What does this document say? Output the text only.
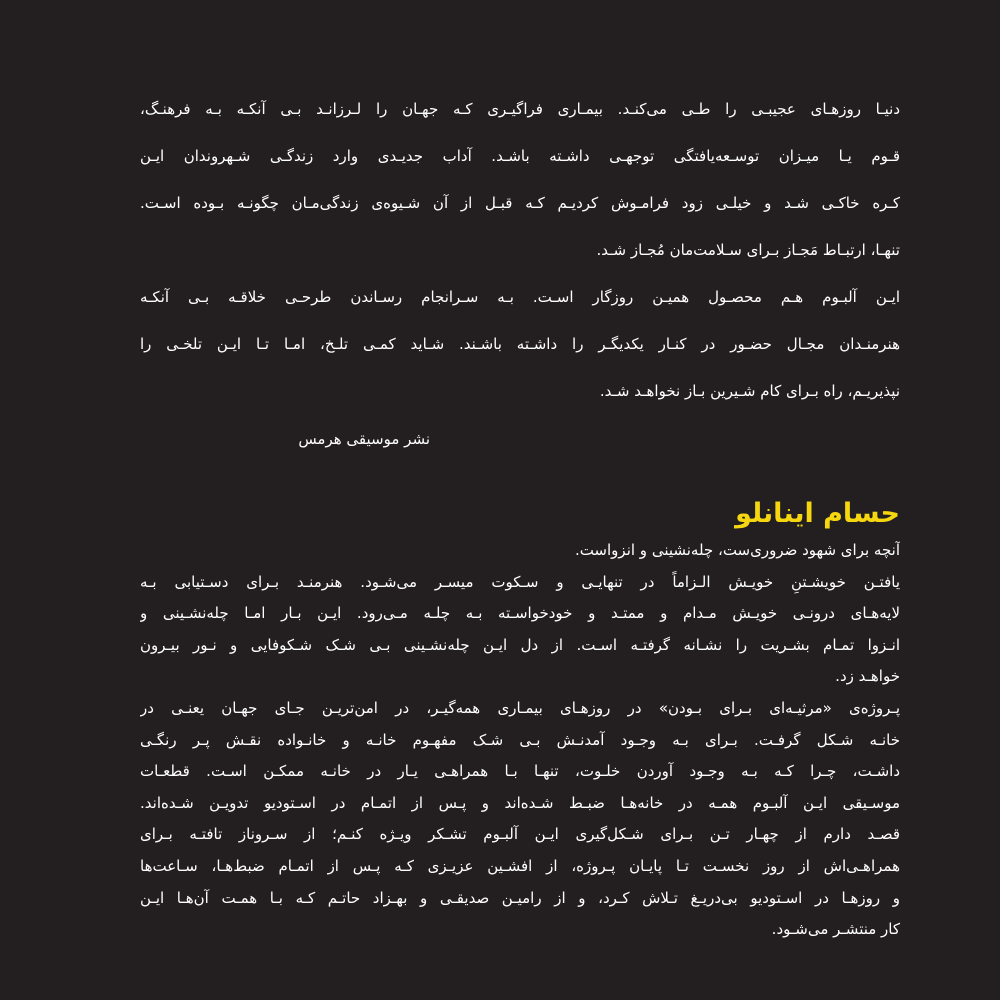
دنیـا روزهـای عجیبـی را طـی می‌کنـد. بیمـاری فراگیـری کـه جهـان را لـرزانـد بـی آنکـه بـه فرهنـگ،
قـوم یـا میـزان توسـعه‌یافتگی توجهـی داشـته باشـد. آداب جدیـدی وارد زندگـی شـهروندان ایـن
کـره خاکـی شـد و خیلـی زود فرامـوش کردیـم کـه قبـل از آن شـیوه‌ی زندگی‌مـان چگونـه بـوده اسـت.
تنهـا، ارتبـاط مَجـاز بـرای سـلامت‌مان مُجـاز شـد.
ایـن آلبـوم هـم محصـول همیـن روزگار اسـت. بـه سـرانجام رسـاندن طرحـی خلاقـه بـی آنکـه
هنرمنـدان مجـال حضـور در کنـار یکدیگـر را داشـته باشـند. شـاید کمـی تلـخ، امـا تـا ایـن تلخـی را
نپذیریـم، راه بـرای کام شـیرین بـاز نخواهـد شـد.
نشر موسیقی هرمس
حسام اینانلو
آنچه برای شهود ضروری‌ست، چله‌نشینی و انزواست.
یافتـن خویشـتنِ خویـش الـزاماً در تنهایـی و سـکوت میسـر می‌شـود. هنرمنـد بـرای دسـتیابی بـه
لایه‌هـای درونـی خویـش مـدام و ممتـد و خودخواسـته بـه چلـه مـی‌رود. ایـن بـار امـا چله‌نشـینی و
انـزوا تمـام بشـریت را نشـانه گرفتـه اسـت. از دل ایـن چله‌نشـینی بـی شـک شـکوفایی و نـور بیـرون
خواهـد زد.
پـروژه‌ی «مرثیـه‌ای بـرای بـودن» در روزهـای بیمـاری همه‌گیـر، در امن‌تریـن جـای جهـان یعنـی در
خانـه شـکل گرفـت. بـرای بـه وجـود آمدنـش بـی شـک مفهـوم خانـه و خانـواده نقـش پـر رنگـی
داشـت، چـرا کـه بـه وجـود آوردن خلـوت، تنهـا بـا همراهـی یـار در خانـه ممکـن اسـت. قطعـات
موسـیقی ایـن آلبـوم همـه در خانه‌هـا ضبـط شـده‌اند و پـس از اتمـام در اسـتودیو تدویـن شـده‌اند.
قصـد دارم از چهـار تـن بـرای شـکل‌گیری ایـن آلبـوم تشـکر ویـژه کنـم؛ از سـروناز تافتـه بـرای
همراهـی‌اش از روز نخسـت تـا پایـان پـروژه، از افشـین عزیـزی کـه پـس از اتمـام ضبط‌هـا، سـاعت‌ها
و روزهـا در اسـتودیو بی‌دریـغ تـلاش کـرد، و از رامیـن صدیقـی و بهـزاد حاتـم کـه بـا همـت آن‌هـا ایـن
کار منتشـر می‌شـود.
